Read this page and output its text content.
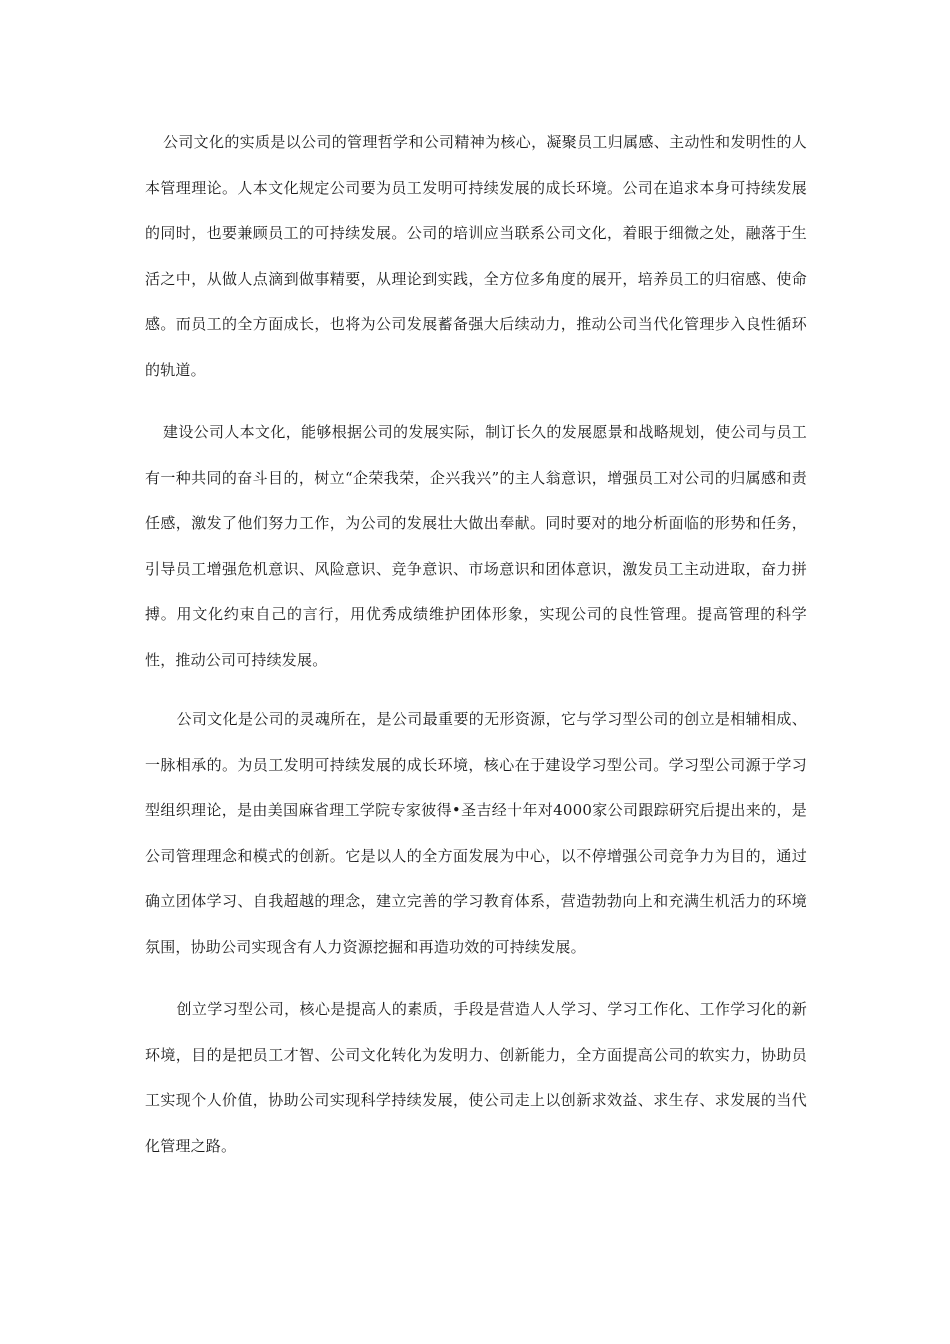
公司文化的实质是以公司的管理哲学和公司精神为核心，凝聚员工归属感、主动性和发明性的人本管理理论。人本文化规定公司要为员工发明可持续发展的成长环境。公司在追求本身可持续发展的同时，也要兼顾员工的可持续发展。公司的培训应当联系公司文化，着眼于细微之处，融落于生活之中，从做人点滴到做事精要，从理论到实践，全方位多角度的展开，培养员工的归宿感、使命感。而员工的全方面成长，也将为公司发展蓄备强大后续动力，推动公司当代化管理步入良性循环的轨道。

建设公司人本文化，能够根据公司的发展实际，制订长久的发展愿景和战略规划，使公司与员工有一种共同的奋斗目的，树立“企荣我荣，企兴我兴”的主人翁意识，增强员工对公司的归属感和责任感，激发了他们努力工作，为公司的发展壮大做出奉献。同时要对的地分析面临的形势和任务，引导员工增强危机意识、风险意识、竞争意识、市场意识和团体意识，激发员工主动进取，奋力拼搏。用文化约束自己的言行，用优秀成绩维护团体形象，实现公司的良性管理。提高管理的科学性，推动公司可持续发展。

公司文化是公司的灵魂所在，是公司最重要的无形资源，它与学习型公司的创立是相辅相成、一脉相承的。为员工发明可持续发展的成长环境，核心在于建设学习型公司。学习型公司源于学习型组织理论，是由美国麻省理工学院专家彼得•圣吉经十年对4000家公司跟踪研究后提出来的，是公司管理理念和模式的创新。它是以人的全方面发展为中心，以不停增强公司竞争力为目的，通过确立团体学习、自我超越的理念，建立完善的学习教育体系，营造勃勃向上和充满生机活力的环境氛围，协助公司实现含有人力资源挖掘和再造功效的可持续发展。

创立学习型公司，核心是提高人的素质，手段是营造人人学习、学习工作化、工作学习化的新环境，目的是把员工才智、公司文化转化为发明力、创新能力，全方面提高公司的软实力，协助员工实现个人价值，协助公司实现科学持续发展，使公司走上以创新求效益、求生存、求发展的当代化管理之路。
